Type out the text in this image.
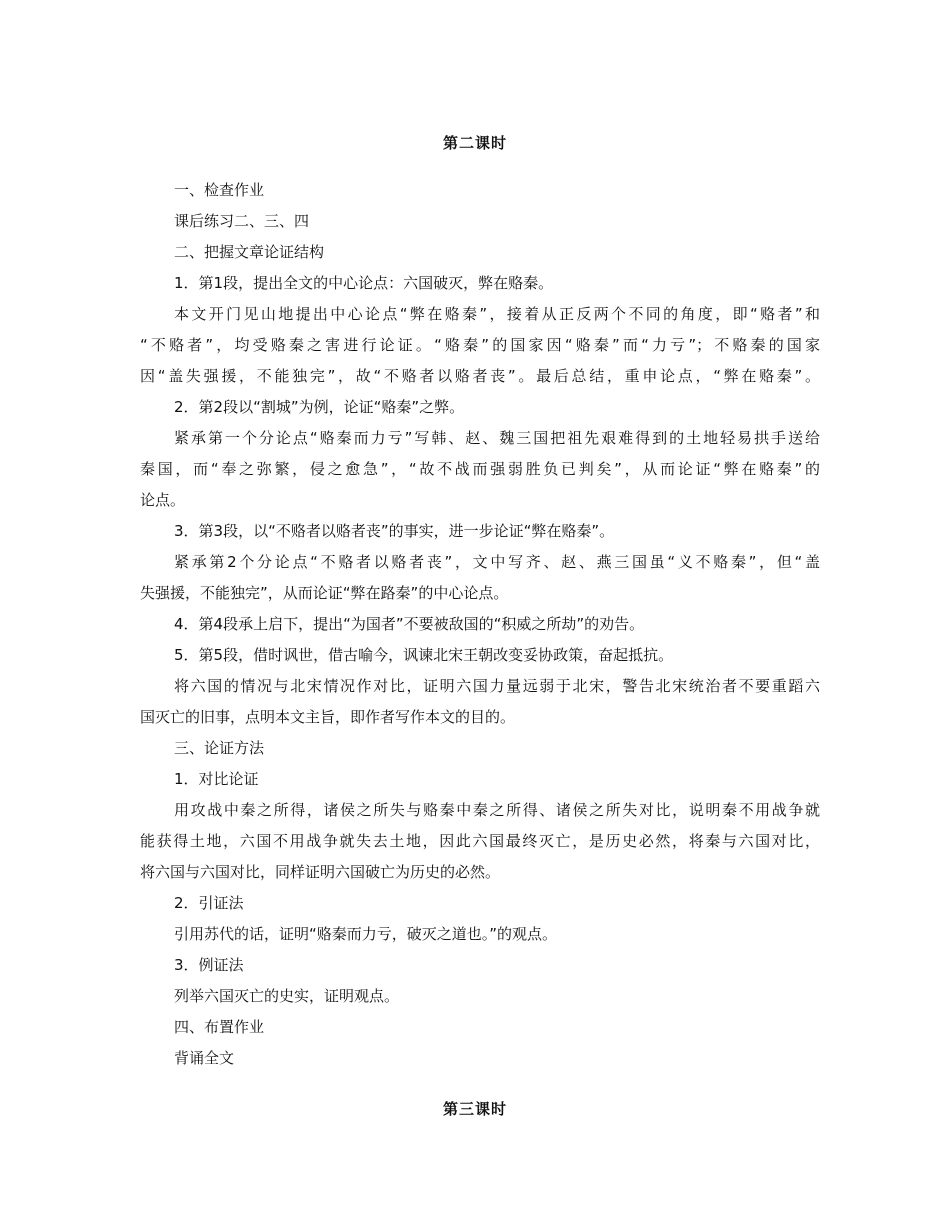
第二课时
一、检查作业
课后练习二、三、四
二、把握文章论证结构
1．第1段，提出全文的中心论点：六国破灭，弊在赂秦。
本文开门见山地提出中心论点“弊在赂秦”，接着从正反两个不同的角度，即“赂者”和
“不赂者”，均受赂秦之害进行论证。“赂秦”的国家因“赂秦”而“力亏”；不赂秦的国家
因“盖失强援，不能独完”，故“不赂者以赂者丧”。最后总结，重申论点，“弊在赂秦”。
2．第2段以“割城”为例，论证“赂秦”之弊。
紧承第一个分论点“赂秦而力亏”写韩、赵、魏三国把祖先艰难得到的土地轻易拱手送给
秦国，而“奉之弥繁，侵之愈急”，“故不战而强弱胜负已判矣”，从而论证“弊在赂秦”的
论点。
3．第3段，以“不赂者以赂者丧”的事实，进一步论证“弊在赂秦”。
紧承第2个分论点“不赂者以赂者丧”，文中写齐、赵、燕三国虽“义不赂秦”，但“盖
失强援，不能独完”，从而论证“弊在路秦”的中心论点。
4．第4段承上启下，提出“为国者”不要被敌国的“积威之所劫”的劝告。
5．第5段，借时讽世，借古喻今，讽谏北宋王朝改变妥协政策，奋起抵抗。
将六国的情况与北宋情况作对比，证明六国力量远弱于北宋，警告北宋统治者不要重蹈六
国灭亡的旧事，点明本文主旨，即作者写作本文的目的。
三、论证方法
1．对比论证
用攻战中秦之所得，诸侯之所失与赂秦中秦之所得、诸侯之所失对比，说明秦不用战争就
能获得土地，六国不用战争就失去土地，因此六国最终灭亡，是历史必然，将秦与六国对比，
将六国与六国对比，同样证明六国破亡为历史的必然。
2．引证法
引用苏代的话，证明“赂秦而力亏，破灭之道也。”的观点。
3．例证法
列举六国灭亡的史实，证明观点。
四、布置作业
背诵全文
第三课时
